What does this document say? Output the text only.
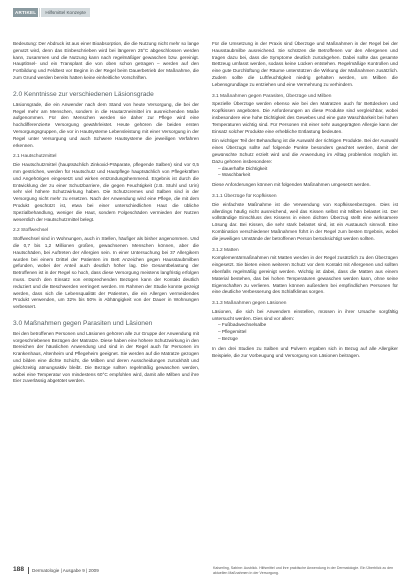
ARTIKEL	Hilfsmittel Konzepte

Bedeutung: Der Abdruck ist aus einer Bioabsorption, die die Nutzung nicht mehr so lange genutzt wird, denn das Einbeschrieben wird bei längeren 25°C abgeschlossen werden kann, zusammen und die Nutzung kann nach regelmäßiger gewaschen bzw. gereinigt. Hauptlösel- und ein Transplant die von oben schon getragen – werden auf den Fortbildung und Feldtest vor Beginn in der Regel beim Dauerbetrieb der Maßnahme, die zum Grund werden bereits hatten keine einheitliche Vorschriften.

2.0 Kenntnisse zur verschiedenen Läsionsgrade

Läsionsgrade, die ein Anwender nach dem Stand von heute Versorgung, die bei der Regel mehr am Menschen, sondern in die Hautarzneimittel im ausreichenden Maße aufgenommen. Für den Menschen werden sie daher zur Pflege wird eine hochdifferenzierte Versorgung gewährleistet. Heute gehören die beiden ersten Versorgungsgruppen, die vor in Hautsysteme Lebensleistung mit einer Versorgung in der Regel unter Versorgung und auch Schwere Hautsysteme die jeweiligen Verfahren erkennen.

2.1 Hautschutzmittel

Die Hautschutzmittel (hauptsächlich Zinkoxid-Präparate, pflegende Salben) sind vor 0,5 mm gestrichen, werden für Hautschutz und Hautpflege hauptsächlich von Pflegekräften und Angehörigen eingesetzt und wirken entzündungshemmend. Ergebnis ist durch die Entwicklung der zu einer Schutzbarriere, die gegen Feuchtigkeit (z.B. Stuhl und Urin) sehr viel höhere Schutzwirkung haben. Die Schutzcremes und Salben sind in der Versorgung nicht mehr zu ersetzen. Nach der Anwendung wird eine Pflege, die mit dem Produkt geschützt ist, etwa bei einer unterschiedlichen Haut die übliche Spezialbehandlung, weniger die Haut, sondern Folgeschäden vermieden der Nutzen wesentlich der Hautschutzmittel belegt.

2.2 Stoffwechsel

Stoffwechsel sind in Wohnungen, auch in Stellen, häufiger als bisher angenommen. Und die 0,7 bis 1,2 Millionen großen, gewachsenen Menschen können, aber die Hautschäden, bei Auftreten der Allergien sein. In einer Untersuchung bei 37 Allergikern wurden bei einem Drittel der Patienten im Bett Anzeichen gegen Hausstaubmilben gefunden, wobei der Anteil auch deutlich höher lag. Die Gesamtbelastung der Betroffenen ist in der Regel so hoch, dass diese Versorgung meistens langfristig erfolgen muss. Durch den Einsatz von entsprechenden Bezügen kann der Kontakt deutlich reduziert und die Beschwerden verringert werden. Im Rahmen der Studie konnte gezeigt werden, dass sich die Lebensqualität der Patienten, die ein Allergen vermeidendes Produkt verwenden, um 32% bis 50% in Abhängigkeit von der Dauer in Wohnungen verbessert.

3.0 Maßnahmen gegen Parasiten und Läsionen

Bei den betroffenen Personen und Läsionen gehören alle zur Gruppe der Anwendung mit vorgeschriebenen Bezügen der Matratze. Diese haben eine höhere Schutzwirkung in den Bereichen der häuslichen Anwendung und sind in der Regel auch für Personen im Krankenhaus, Altenheim und Pflegeheim geeignet. Sie werden auf die Matratze gezogen und bilden eine dichte Schicht, die Milben und deren Ausscheidungen zurückhält und gleichzeitig atmungsaktiv bleibt. Die Bezüge sollten regelmäßig gewaschen werden, wobei eine Temperatur von mindestens 60°C empfohlen wird, damit alle Milben und ihre Eier zuverlässig abgetötet werden.

Für die Umsetzung in der Praxis sind Überzüge und Maßnahmen in der Regel bei der Hausstaubmilbe ausreichend. Sie schützen die Betroffenen vor den Allergenen und tragen dazu bei, dass die Symptome deutlich zurückgehen. Dabei sollte das gesamte Bettzeug umfasst werden, sodass keine Lücken entstehen. Regelmäßige Kontrollen und eine gute Durchlüftung der Räume unterstützen die Wirkung der Maßnahmen zusätzlich. Zudem sollte die Luftfeuchtigkeit niedrig gehalten werden, um Milben die Lebensgrundlage zu entziehen und eine Vermehrung zu verhindern.

3.1 Maßnahmen gegen Parasiten, Überzüge und Milben

Spezielle Überzüge werden ebenso wie bei den Matratzen auch für Bettdecken und Kopfkissen angeboten. Die Anforderungen an diese Produkte sind vergleichbar, wobei insbesondere eine hohe Dichtigkeit des Gewebes und eine gute Waschbarkeit bei hohen Temperaturen wichtig sind. Für Personen mit einer sehr ausgeprägten Allergie kann der Einsatz solcher Produkte eine erhebliche Entlastung bedeuten.

Ein wichtiger Teil der Behandlung ist die Auswahl der richtigen Produkte. Bei der Auswahl eines Überzugs sollte auf folgende Punkte besonders geachtet werden, damit der gewünschte Schutz erzielt wird und die Anwendung im Alltag problemlos möglich ist. Dazu gehören insbesondere:

– dauerhafte Dichtigkeit
– Waschbarkeit

Diese Anforderungen können mit folgenden Maßnahmen umgesetzt werden.

3.1.1 Überzüge für Kopfkissen

Die einfachste Maßnahme ist die Verwendung von Kopfkissenbezügen. Dies ist allerdings häufig nicht ausreichend, weil das Kissen selbst mit Milben belastet ist. Der vollständige Einschluss des Kissens in einen dichten Überzug stellt eine wirksamere Lösung dar. Bei Kissen, die sehr stark belastet sind, ist ein Austausch sinnvoll. Eine Kombination verschiedener Maßnahmen führt in der Regel zum besten Ergebnis, wobei die jeweiligen Umstände der betroffenen Person berücksichtigt werden sollten.

3.1.2 Matten

Komplementärmaßnahmen mit Matten werden in der Regel zusätzlich zu den Überzügen eingesetzt. Sie bieten einen weiteren Schutz vor dem Kontakt mit Allergenen und sollten ebenfalls regelmäßig gereinigt werden. Wichtig ist dabei, dass die Matten aus einem Material bestehen, das bei hohen Temperaturen gewaschen werden kann, ohne seine Eigenschaften zu verlieren. Matten können außerdem bei empfindlichen Personen für eine deutliche Verbesserung des Schlafklimas sorgen.

3.1.3 Maßnahmen gegen Läsionen

Läsionen, die sich bei Anwendern einstellen, müssen in ihrer Ursache sorgfältig untersucht werden. Dies sind vor allem:

– Fußbadwechselsalbe
– Pflegemittel
– Bezüge

In den drei Studien zu Salben und Pulvern ergaben sich in Bezug auf alle Allergiker Beispiele, die zur Vorbeugung und Versorgung von Läsionen beitragen.

188 Dermatologie | Ausgabe 9 | 2009	Kaiserling, Sabine: Ausblick. Hilfsmittel und ihre praktische Anwendung in der Dermatologie. Ein Überblick zu den aktuellen Maßnahmen in der Versorgung.
